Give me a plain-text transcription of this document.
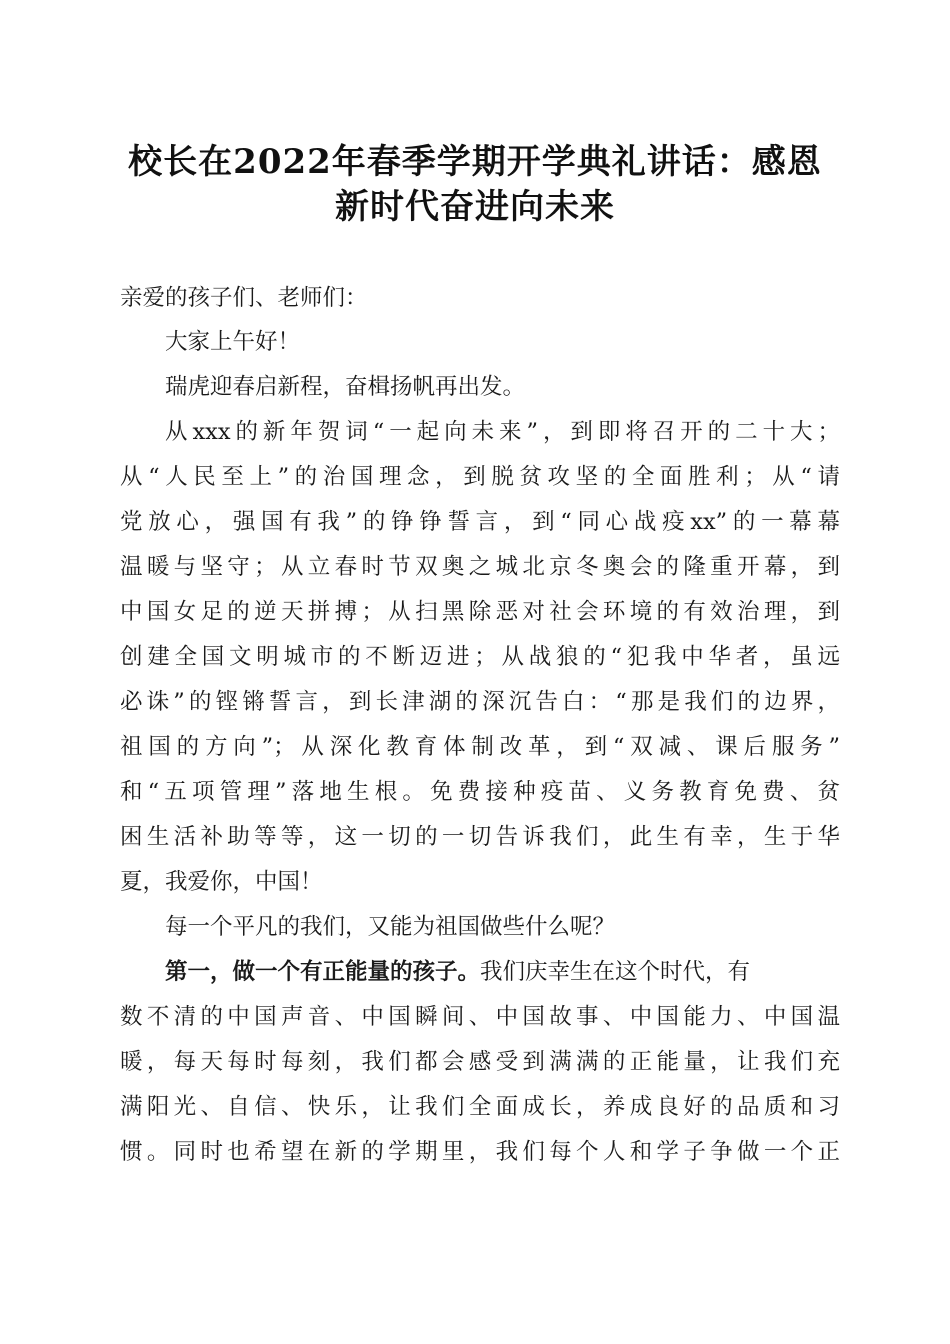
校长在2022年春季学期开学典礼讲话：感恩
新时代奋进向未来

亲爱的孩子们、老师们：

大家上午好！

瑞虎迎春启新程，奋楫扬帆再出发。

从xxx的新年贺词“一起向未来”，到即将召开的二十大；

从“人民至上”的治国理念，到脱贫攻坚的全面胜利；从“请

党放心，强国有我”的铮铮誓言，到“同心战疫xx”的一幕幕

温暖与坚守；从立春时节双奥之城北京冬奥会的隆重开幕，到

中国女足的逆天拼搏；从扫黑除恶对社会环境的有效治理，到

创建全国文明城市的不断迈进；从战狼的“犯我中华者，虽远

必诛”的铿锵誓言，到长津湖的深沉告白：“那是我们的边界，

祖国的方向”；从深化教育体制改革，到“双减、课后服务”

和“五项管理”落地生根。免费接种疫苗、义务教育免费、贫

困生活补助等等，这一切的一切告诉我们，此生有幸，生于华

夏，我爱你，中国！

每一个平凡的我们，又能为祖国做些什么呢？

第一，做一个有正能量的孩子。我们庆幸生在这个时代，有

数不清的中国声音、中国瞬间、中国故事、中国能力、中国温

暖，每天每时每刻，我们都会感受到满满的正能量，让我们充

满阳光、自信、快乐，让我们全面成长，养成良好的品质和习

惯。同时也希望在新的学期里，我们每个人和学子争做一个正
